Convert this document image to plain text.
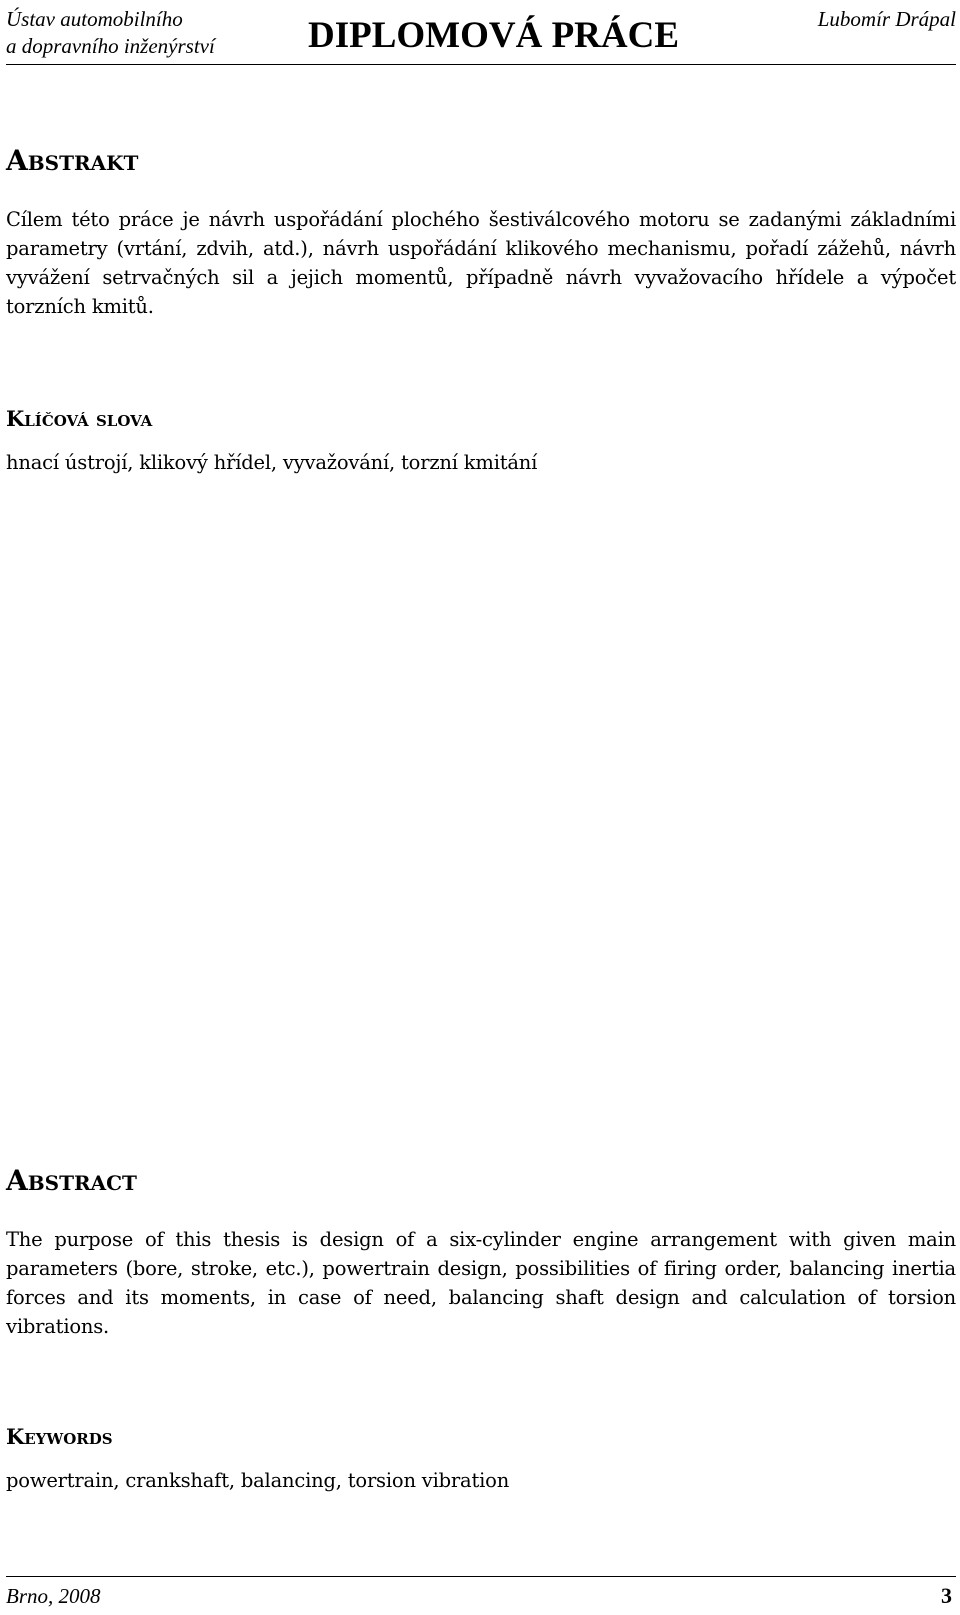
Ústav automobilního
a dopravního inženýrství	DIPLOMOVÁ PRÁCE	Lubomír Drápal
Abstrakt

Cílem této práce je návrh uspořádání plochého šestiválcového motoru se zadanými základními parametry (vrtání, zdvih, atd.), návrh uspořádání klikového mechanismu, pořadí zážehů, návrh vyvážení setrvačných sil a jejich momentů, případně návrh vyvažovacího hřídele a výpočet torzních kmitů.

Klíčová slova
hnací ústrojí, klikový hřídel, vyvažování, torzní kmitání
Abstract

The purpose of this thesis is design of a six-cylinder engine arrangement with given main parameters (bore, stroke, etc.), powertrain design, possibilities of firing order, balancing inertia forces and its moments, in case of need, balancing shaft design and calculation of torsion vibrations.

Keywords
powertrain, crankshaft, balancing, torsion vibration
Brno, 2008	3
